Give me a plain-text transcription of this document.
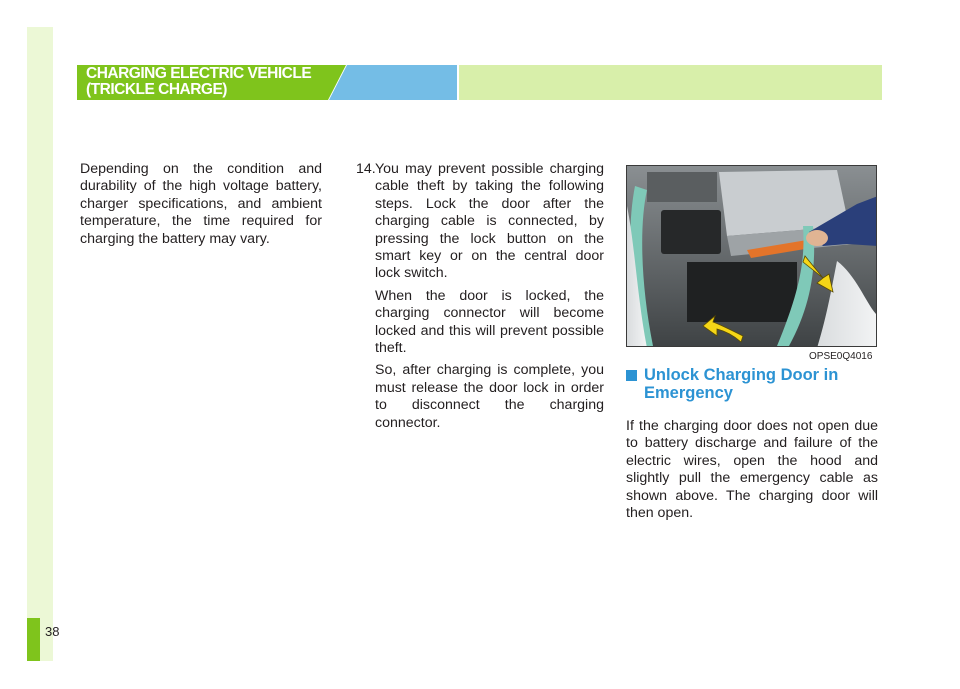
38
CHARGING ELECTRIC VEHICLE
(TRICKLE CHARGE)

Depending on the condition and durability of the high voltage battery, charger specifications, and ambient temperature, the time required for charging the battery may vary.

14. You may prevent possible charging cable theft by taking the following steps. Lock the door after the charging cable is connected, by pressing the lock button on the smart key or on the central door lock switch.

When the door is locked, the charging connector will become locked and this will prevent possible theft.

So, after charging is complete, you must release the door lock in order to disconnect the charging connector.

OPSE0Q4016
Unlock Charging Door in Emergency

If the charging door does not open due to battery discharge and failure of the electric wires, open the hood and slightly pull the emergency cable as shown above. The charging door will then open.
